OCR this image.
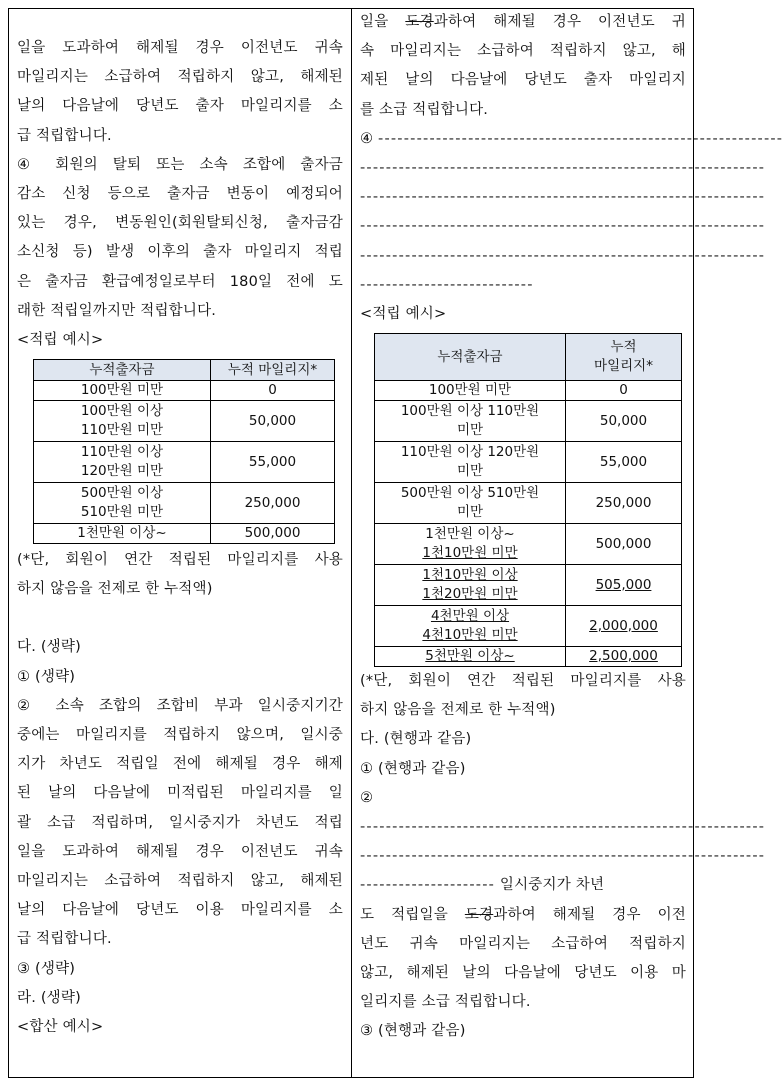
일을 도과하여 해제될 경우 이전년도 귀속

마일리지는 소급하여 적립하지 않고, 해제된

날의 다음날에 당년도 출자 마일리지를 소

급 적립합니다.

④ 회원의 탈퇴 또는 소속 조합에 출자금

감소 신청 등으로 출자금 변동이 예정되어

있는 경우, 변동원인(회원탈퇴신청, 출자금감

소신청 등) 발생 이후의 출자 마일리지 적립

은 출자금 환급예정일로부터 180일 전에 도

래한 적립일까지만 적립합니다.

<적립 예시>

누적출자금	누적 마일리지*
100만원 미만	0
100만원 이상
110만원 미만	50,000
110만원 이상
120만원 미만	55,000
500만원 이상
510만원 미만	250,000
1천만원 이상~	500,000

(*단, 회원이 연간 적립된 마일리지를 사용

하지 않음을 전제로 한 누적액)

다. (생략)

① (생략)

② 소속 조합의 조합비 부과 일시중지기간

중에는 마일리지를 적립하지 않으며, 일시중

지가 차년도 적립일 전에 해제될 경우 해제

된 날의 다음날에 미적립된 마일리지를 일

괄 소급 적립하며, 일시중지가 차년도 적립

일을 도과하여 해제될 경우 이전년도 귀속

마일리지는 소급하여 적립하지 않고, 해제된

날의 다음날에 당년도 이용 마일리지를 소

급 적립합니다.

③ (생략)

라. (생략)

<합산 예시>

일을 도경과하여 해제될 경우 이전년도 귀

속 마일리지는 소급하여 적립하지 않고, 해

제된 날의 다음날에 당년도 출자 마일리지

를 소급 적립합니다.

④ ---------------------------------------------------------------

---------------------------------------------------------------
---------------------------------------------------------------
---------------------------------------------------------------
---------------------------------------------------------------
---------------------------

<적립 예시>

누적출자금	누적
마일리지*
100만원 미만	0
100만원 이상 110만원
미만	50,000
110만원 이상 120만원
미만	55,000
500만원 이상 510만원
미만	250,000
1천만원 이상~
1천10만원 미만	500,000
1천10만원 이상
1천20만원 미만	505,000
4천만원 이상
4천10만원 미만	2,000,000
5천만원 이상~	2,500,000

(*단, 회원이 연간 적립된 마일리지를 사용

하지 않음을 전제로 한 누적액)

다. (현행과 같음)

① (현행과 같음)

②

---------------------------------------------------------------
---------------------------------------------------------------

--------------------- 일시중지가 차년

도 적립일을 도경과하여 해제될 경우 이전

년도 귀속 마일리지는 소급하여 적립하지

않고, 해제된 날의 다음날에 당년도 이용 마

일리지를 소급 적립합니다.

③ (현행과 같음)
